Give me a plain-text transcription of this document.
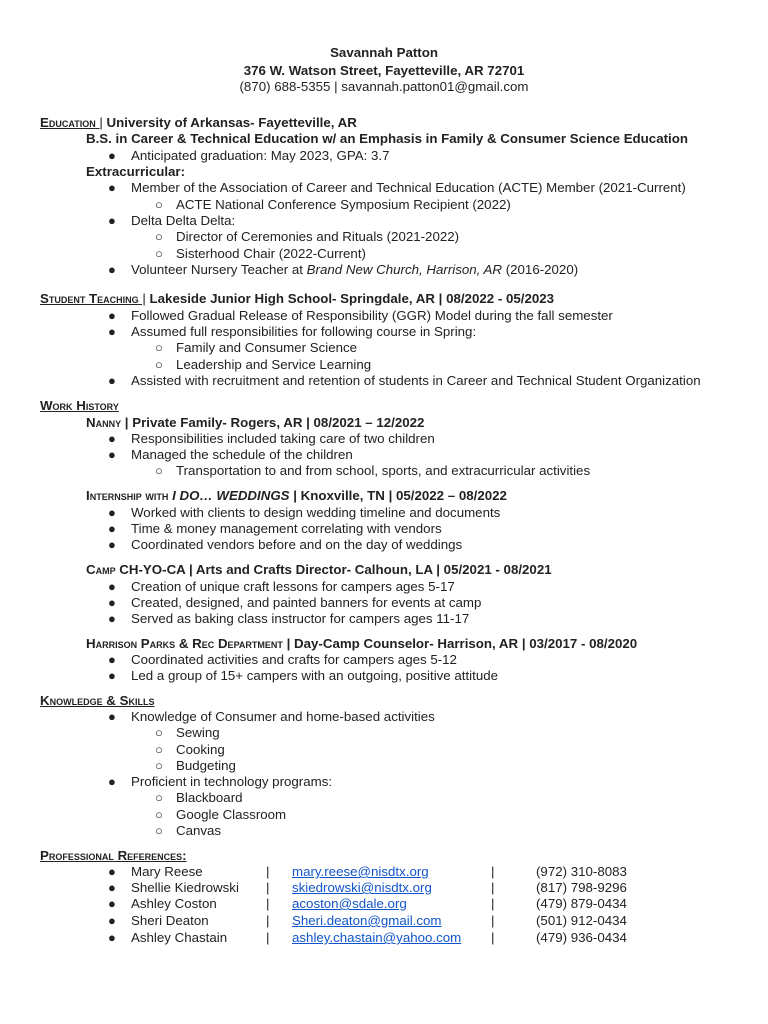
Savannah Patton
376 W. Watson Street, Fayetteville, AR 72701
(870) 688-5355 | savannah.patton01@gmail.com
Education | University of Arkansas- Fayetteville, AR
B.S. in Career & Technical Education w/ an Emphasis in Family & Consumer Science Education
● Anticipated graduation: May 2023, GPA: 3.7
Extracurricular:
● Member of the Association of Career and Technical Education (ACTE) Member (2021-Current)
○ ACTE National Conference Symposium Recipient (2022)
● Delta Delta Delta:
○ Director of Ceremonies and Rituals (2021-2022)
○ Sisterhood Chair (2022-Current)
● Volunteer Nursery Teacher at Brand New Church, Harrison, AR (2016-2020)
Student Teaching | Lakeside Junior High School- Springdale, AR | 08/2022 - 05/2023
● Followed Gradual Release of Responsibility (GGR) Model during the fall semester
● Assumed full responsibilities for following course in Spring:
○ Family and Consumer Science
○ Leadership and Service Learning
● Assisted with recruitment and retention of students in Career and Technical Student Organization
Work History
Nanny | Private Family- Rogers, AR | 08/2021 – 12/2022
● Responsibilities included taking care of two children
● Managed the schedule of the children
○ Transportation to and from school, sports, and extracurricular activities
Internship with I DO… WEDDINGS | Knoxville, TN | 05/2022 – 08/2022
● Worked with clients to design wedding timeline and documents
● Time & money management correlating with vendors
● Coordinated vendors before and on the day of weddings
Camp CH-YO-CA | Arts and Crafts Director- Calhoun, LA | 05/2021 - 08/2021
● Creation of unique craft lessons for campers ages 5-17
● Created, designed, and painted banners for events at camp
● Served as baking class instructor for campers ages 11-17
Harrison Parks & Rec Department | Day-Camp Counselor- Harrison, AR | 03/2017 - 08/2020
● Coordinated activities and crafts for campers ages 5-12
● Led a group of 15+ campers with an outgoing, positive attitude
Knowledge & Skills
● Knowledge of Consumer and home-based activities
○ Sewing
○ Cooking
○ Budgeting
● Proficient in technology programs:
○ Blackboard
○ Google Classroom
○ Canvas
Professional References:
● Mary Reese	| mary.reese@nisdtx.org	|	(972) 310-8083
● Shellie Kiedrowski | skiedrowski@nisdtx.org	|	(817) 798-9296
● Ashley Coston	| acoston@sdale.org	|	(479) 879-0434
● Sheri Deaton	| Sheri.deaton@gmail.com	|	(501) 912-0434
● Ashley Chastain	| ashley.chastain@yahoo.com |	(479) 936-0434
